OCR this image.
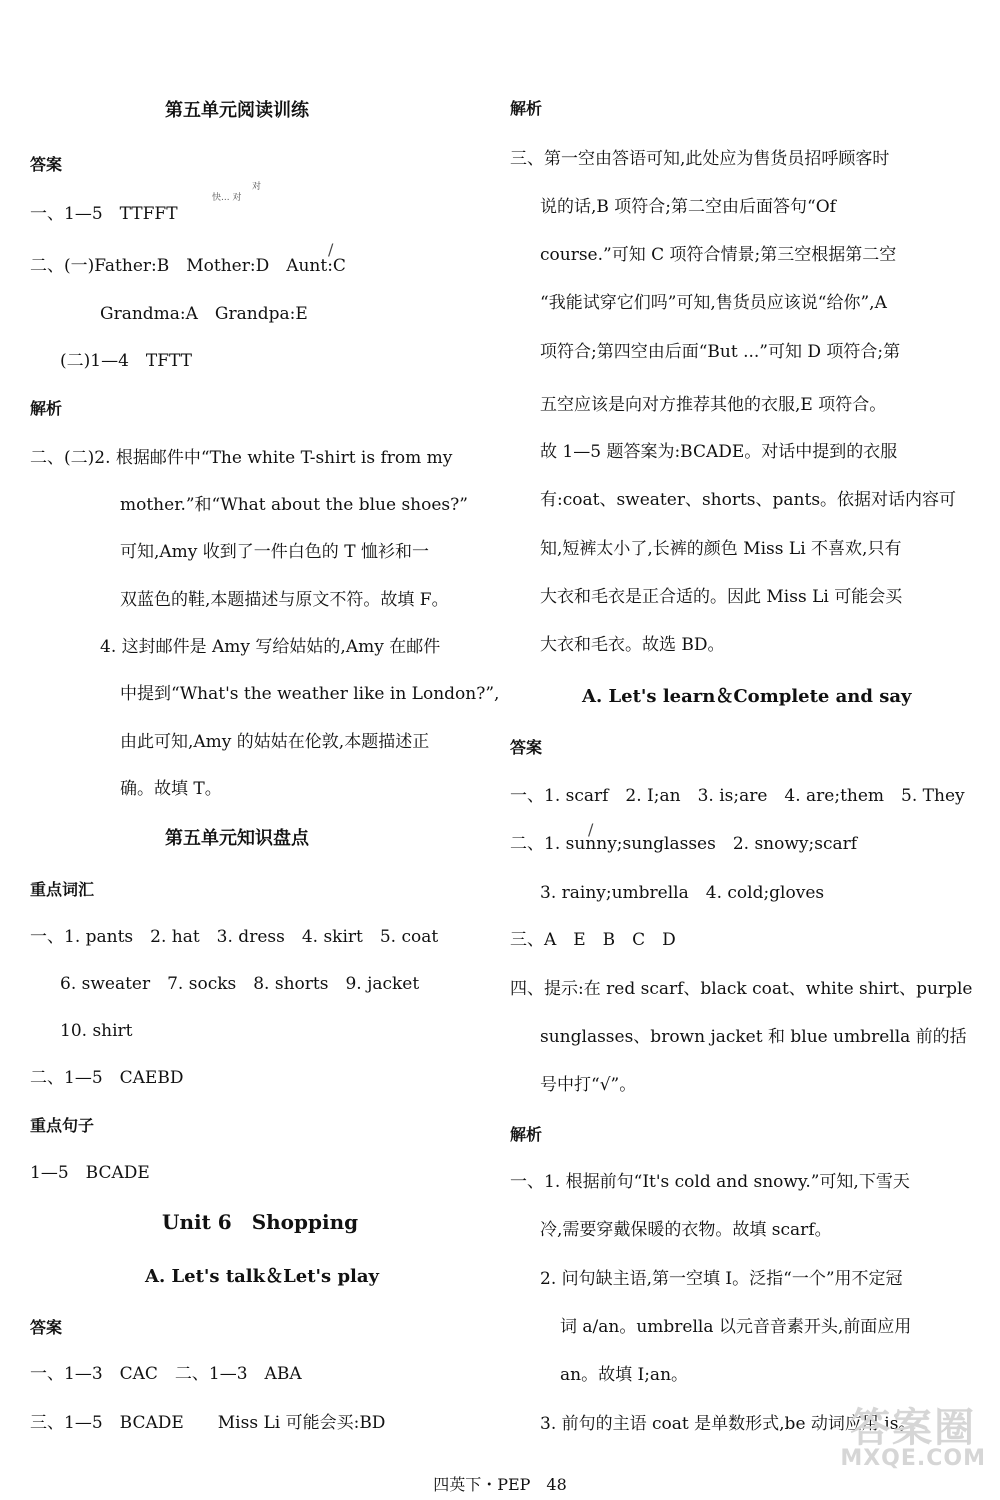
第五单元阅读训练
答案
一、1—5　TTFFT
二、(一)Father:B　Mother:D　Aunt:C
Grandma:A　Grandpa:E
(二)1—4　TFTT
解析
二、(二)2. 根据邮件中“The white T-shirt is from my
mother.”和“What about the blue shoes?”
可知,Amy 收到了一件白色的 T 恤衫和一
双蓝色的鞋,本题描述与原文不符。故填 F。
4. 这封邮件是 Amy 写给姑姑的,Amy 在邮件
中提到“What's the weather like in London?”,
由此可知,Amy 的姑姑在伦敦,本题描述正
确。故填 T。
第五单元知识盘点
重点词汇
一、1. pants　2. hat　3. dress　4. skirt　5. coat
6. sweater　7. socks　8. shorts　9. jacket
10. shirt
二、1—5　CAEBD
重点句子
1—5　BCADE
Unit 6　Shopping
A. Let's talk＆Let's play
答案
一、1—3　CAC　二、1—3　ABA
三、1—5　BCADE　　Miss Li 可能会买:BD
对
快... 对
解析
三、第一空由答语可知,此处应为售货员招呼顾客时
说的话,B 项符合;第二空由后面答句“Of
course.”可知 C 项符合情景;第三空根据第二空
“我能试穿它们吗”可知,售货员应该说“给你”,A
项符合;第四空由后面“But ...”可知 D 项符合;第
五空应该是向对方推荐其他的衣服,E 项符合。
故 1—5 题答案为:BCADE。对话中提到的衣服
有:coat、sweater、shorts、pants。依据对话内容可
知,短裤太小了,长裤的颜色 Miss Li 不喜欢,只有
大衣和毛衣是正合适的。因此 Miss Li 可能会买
大衣和毛衣。故选 BD。
A. Let's learn＆Complete and say
答案
一、1. scarf　2. I;an　3. is;are　4. are;them　5. They
二、1. sunny;sunglasses　2. snowy;scarf
3. rainy;umbrella　4. cold;gloves
三、A　E　B　C　D
四、提示:在 red scarf、black coat、white shirt、purple
sunglasses、brown jacket 和 blue umbrella 前的括
号中打“√”。
解析
一、1. 根据前句“It's cold and snowy.”可知,下雪天
冷,需要穿戴保暖的衣物。故填 scarf。
2. 问句缺主语,第一空填 I。泛指“一个”用不定冠
词 a/an。umbrella 以元音音素开头,前面应用
an。故填 I;an。
3. 前句的主语 coat 是单数形式,be 动词应用 is。
/
/
四英下・PEP　48
答案圈
MXQE.COM
